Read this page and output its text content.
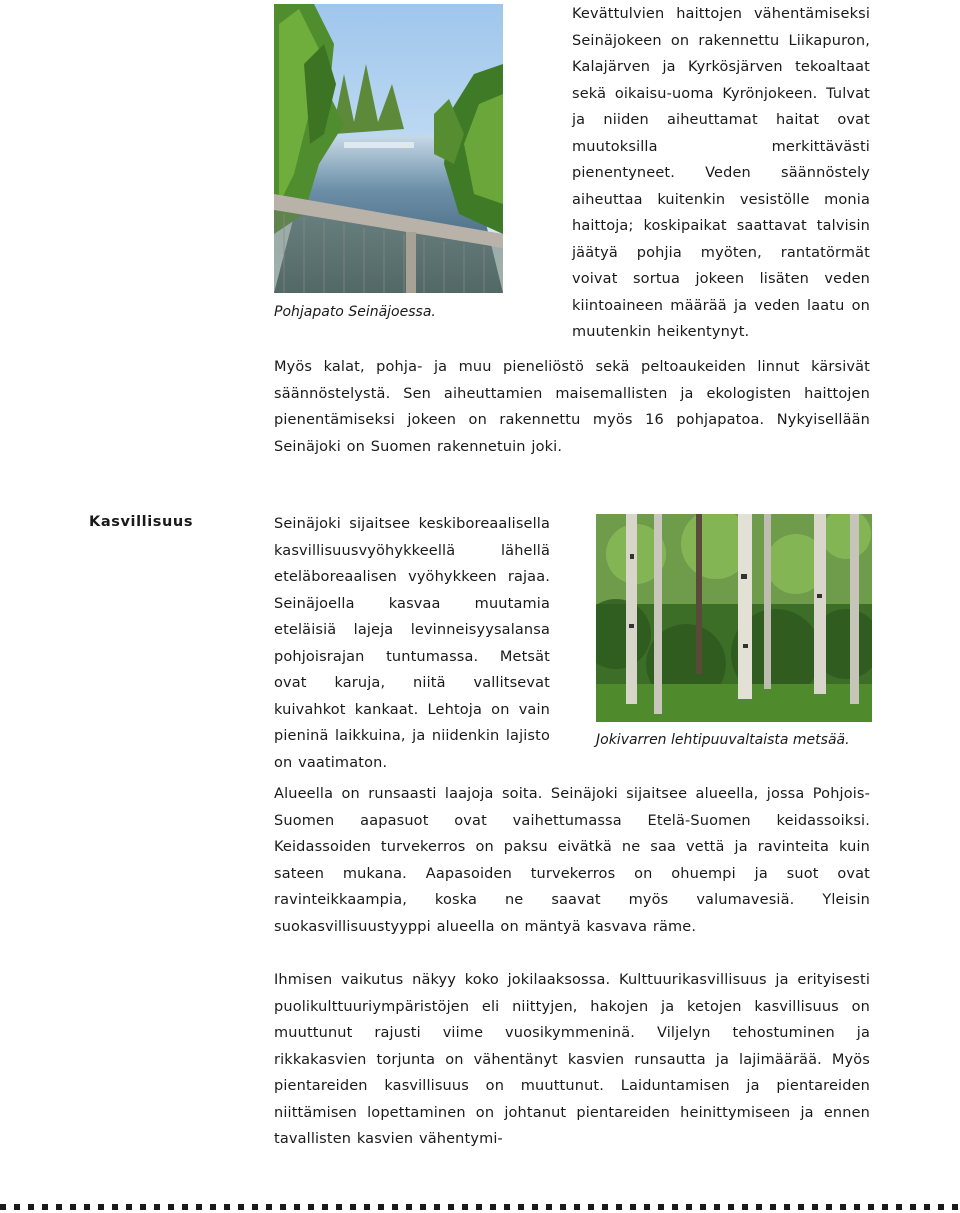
Pohjapato Seinäjoessa.
Kevättulvien haittojen vähentämiseksi Seinäjokeen on rakennettu Liikapuron, Kalajärven ja Kyrkösjärven tekoaltaat sekä oikaisu-uoma Kyrönjokeen. Tulvat ja niiden aiheuttamat haitat ovat muutoksilla merkittävästi pienentyneet. Veden säännöstely aiheuttaa kuitenkin vesistölle monia haittoja; koskipaikat saattavat talvisin jäätyä pohjia myöten, rantatörmät voivat sortua jokeen lisäten veden kiintoaineen määrää ja veden laatu on muutenkin heikentynyt.
Myös kalat, pohja- ja muu pieneliöstö sekä peltoaukeiden linnut kärsivät säännöstelystä. Sen aiheuttamien maisemallisten ja ekologisten haittojen pienentämiseksi jokeen on rakennettu myös 16 pohjapatoa. Nykyisellään Seinäjoki on Suomen rakennetuin joki.
Kasvillisuus	Seinäjoki sijaitsee keskiboreaalisella kasvillisuusvyöhykkeellä lähellä eteläboreaalisen vyöhykkeen rajaa. Seinäjoella kasvaa muutamia eteläisiä lajeja levinneisyysalansa pohjoisrajan tuntumassa. Metsät ovat karuja, niitä vallitsevat kuivahkot kankaat. Lehtoja on vain pieninä laikkuina, ja niidenkin lajisto on vaatimaton.
Jokivarren lehtipuuvaltaista metsää.
Alueella on runsaasti laajoja soita. Seinäjoki sijaitsee alueella, jossa Pohjois-Suomen aapasuot ovat vaihettumassa Etelä-Suomen keidassoiksi. Keidassoiden turvekerros on paksu eivätkä ne saa vettä ja ravinteita kuin sateen mukana. Aapasoiden turvekerros on ohuempi ja suot ovat ravinteikkaampia, koska ne saavat myös valumavesiä. Yleisin suokasvillisuustyyppi alueella on mäntyä kasvava räme.
Ihmisen vaikutus näkyy koko jokilaaksossa. Kulttuurikasvillisuus ja erityisesti puolikulttuuriympäristöjen eli niittyjen, hakojen ja ketojen kasvillisuus on muuttunut rajusti viime vuosikymmeninä. Viljelyn tehostuminen ja rikkakasvien torjunta on vähentänyt kasvien runsautta ja lajimäärää. Myös pientareiden kasvillisuus on muuttunut. Laiduntamisen ja pientareiden niittämisen lopettaminen on johtanut pientareiden heinittymiseen ja ennen tavallisten kasvien vähentymi-
